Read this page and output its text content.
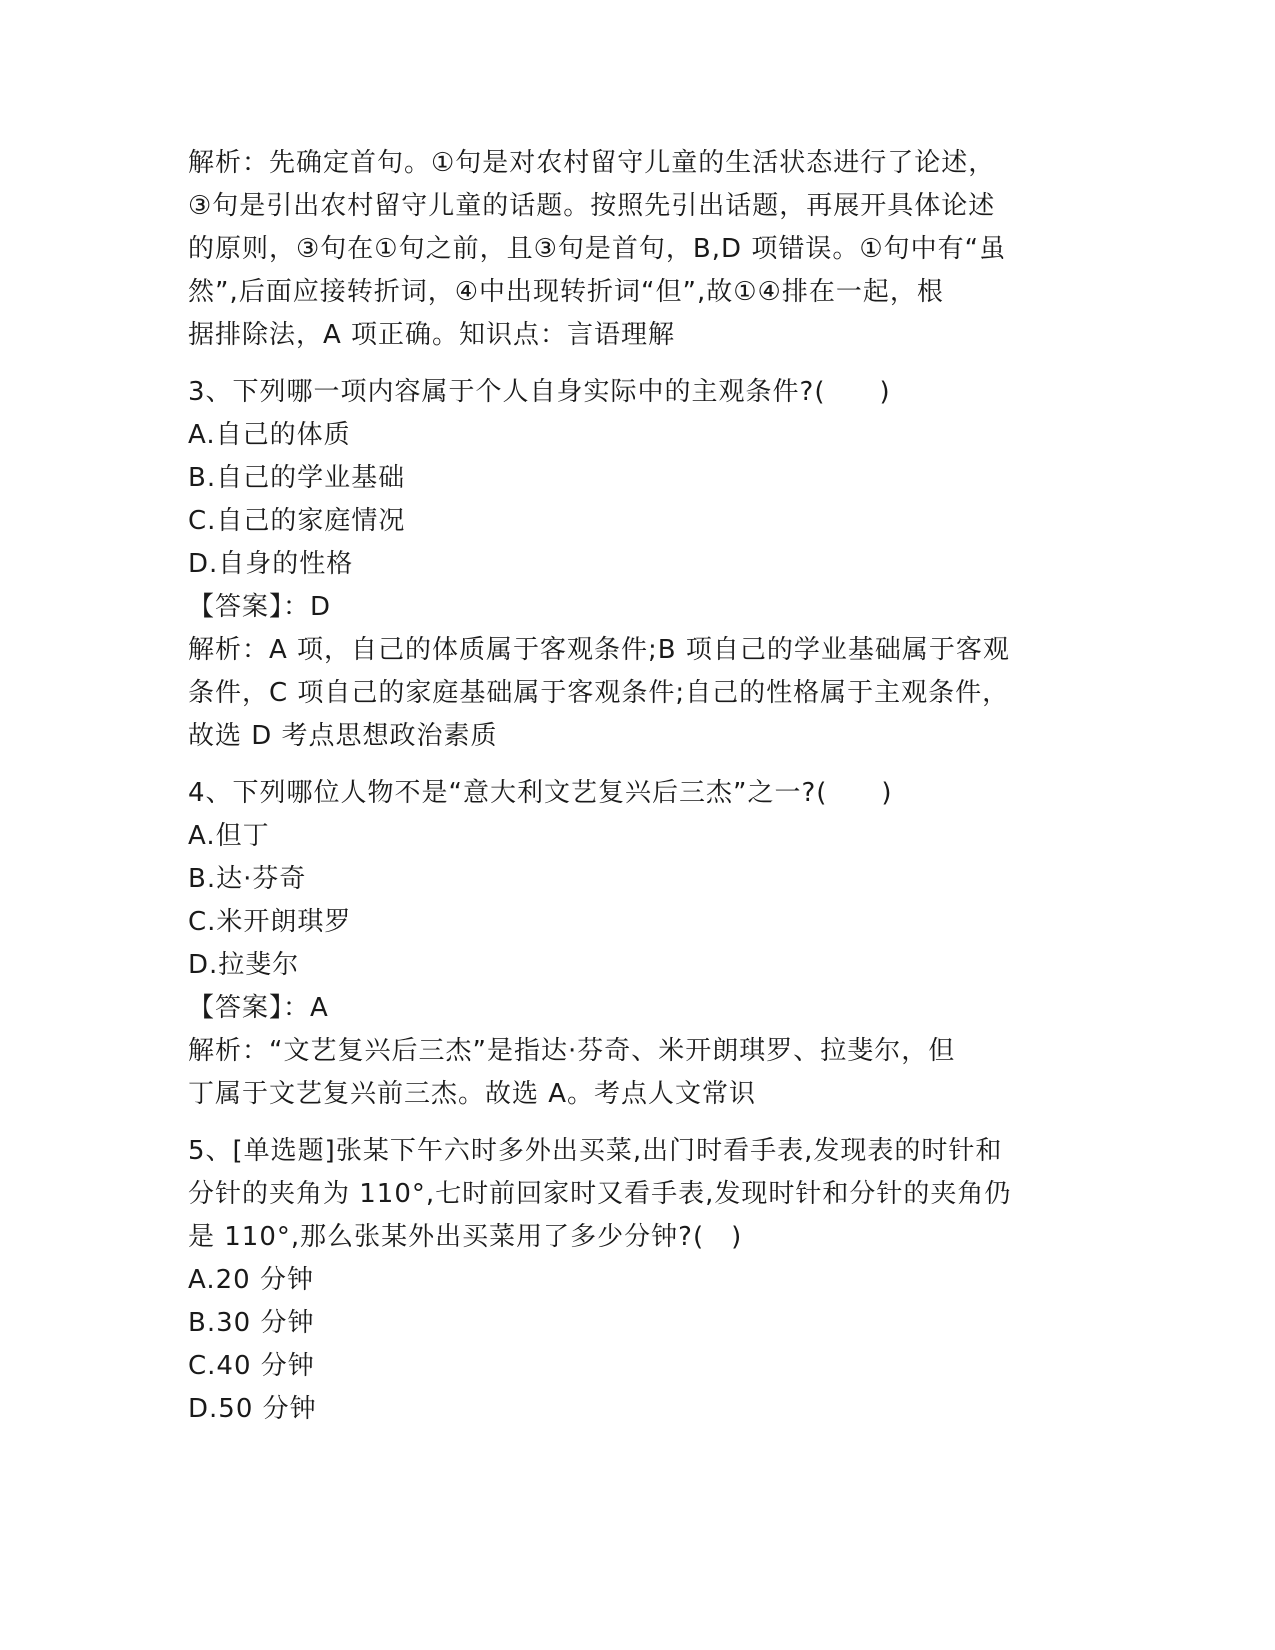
解析：先确定首句。①句是对农村留守儿童的生活状态进行了论述，
③句是引出农村留守儿童的话题。按照先引出话题，再展开具体论述
的原则，③句在①句之前，且③句是首句，B,D 项错误。①句中有“虽
然”,后面应接转折词，④中出现转折词“但”,故①④排在一起，根
据排除法，A 项正确。知识点：言语理解
3、下列哪一项内容属于个人自身实际中的主观条件?(　　)
A.自己的体质
B.自己的学业基础
C.自己的家庭情况
D.自身的性格
【答案】：D
解析：A 项，自己的体质属于客观条件;B 项自己的学业基础属于客观
条件，C 项自己的家庭基础属于客观条件;自己的性格属于主观条件，
故选 D 考点思想政治素质
4、下列哪位人物不是“意大利文艺复兴后三杰”之一?(　　)
A.但丁
B.达·芬奇
C.米开朗琪罗
D.拉斐尔
【答案】：A
解析：“文艺复兴后三杰”是指达·芬奇、米开朗琪罗、拉斐尔，但
丁属于文艺复兴前三杰。故选 A。考点人文常识
5、[单选题]张某下午六时多外出买菜,出门时看手表,发现表的时针和
分针的夹角为 110°,七时前回家时又看手表,发现时针和分针的夹角仍
是 110°,那么张某外出买菜用了多少分钟?(　)
A.20 分钟
B.30 分钟
C.40 分钟
D.50 分钟
